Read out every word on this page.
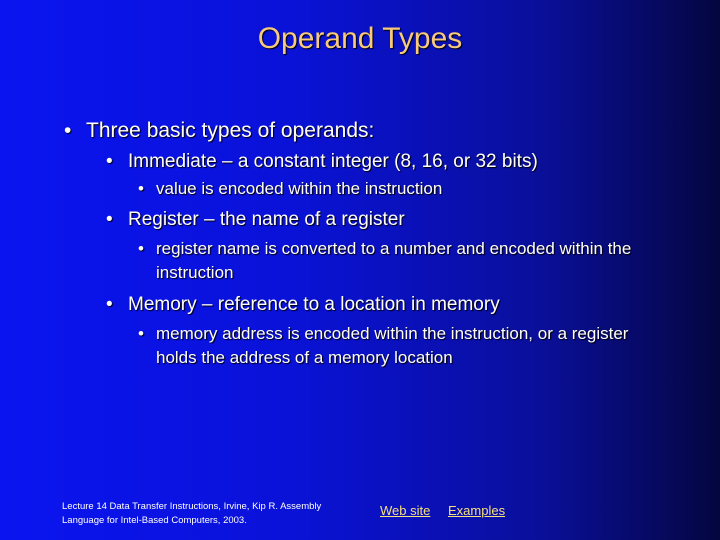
Operand Types
• Three basic types of operands:
• Immediate – a constant integer (8, 16, or 32 bits)
• value is encoded within the instruction
• Register – the name of a register
• register name is converted to a number and encoded within the instruction
• Memory – reference to a location in memory
• memory address is encoded within the instruction, or a register holds the address of a memory location
Lecture 14 Data Transfer Instructions, Irvine, Kip R. Assembly Language for Intel-Based Computers, 2003.
Web site Examples
